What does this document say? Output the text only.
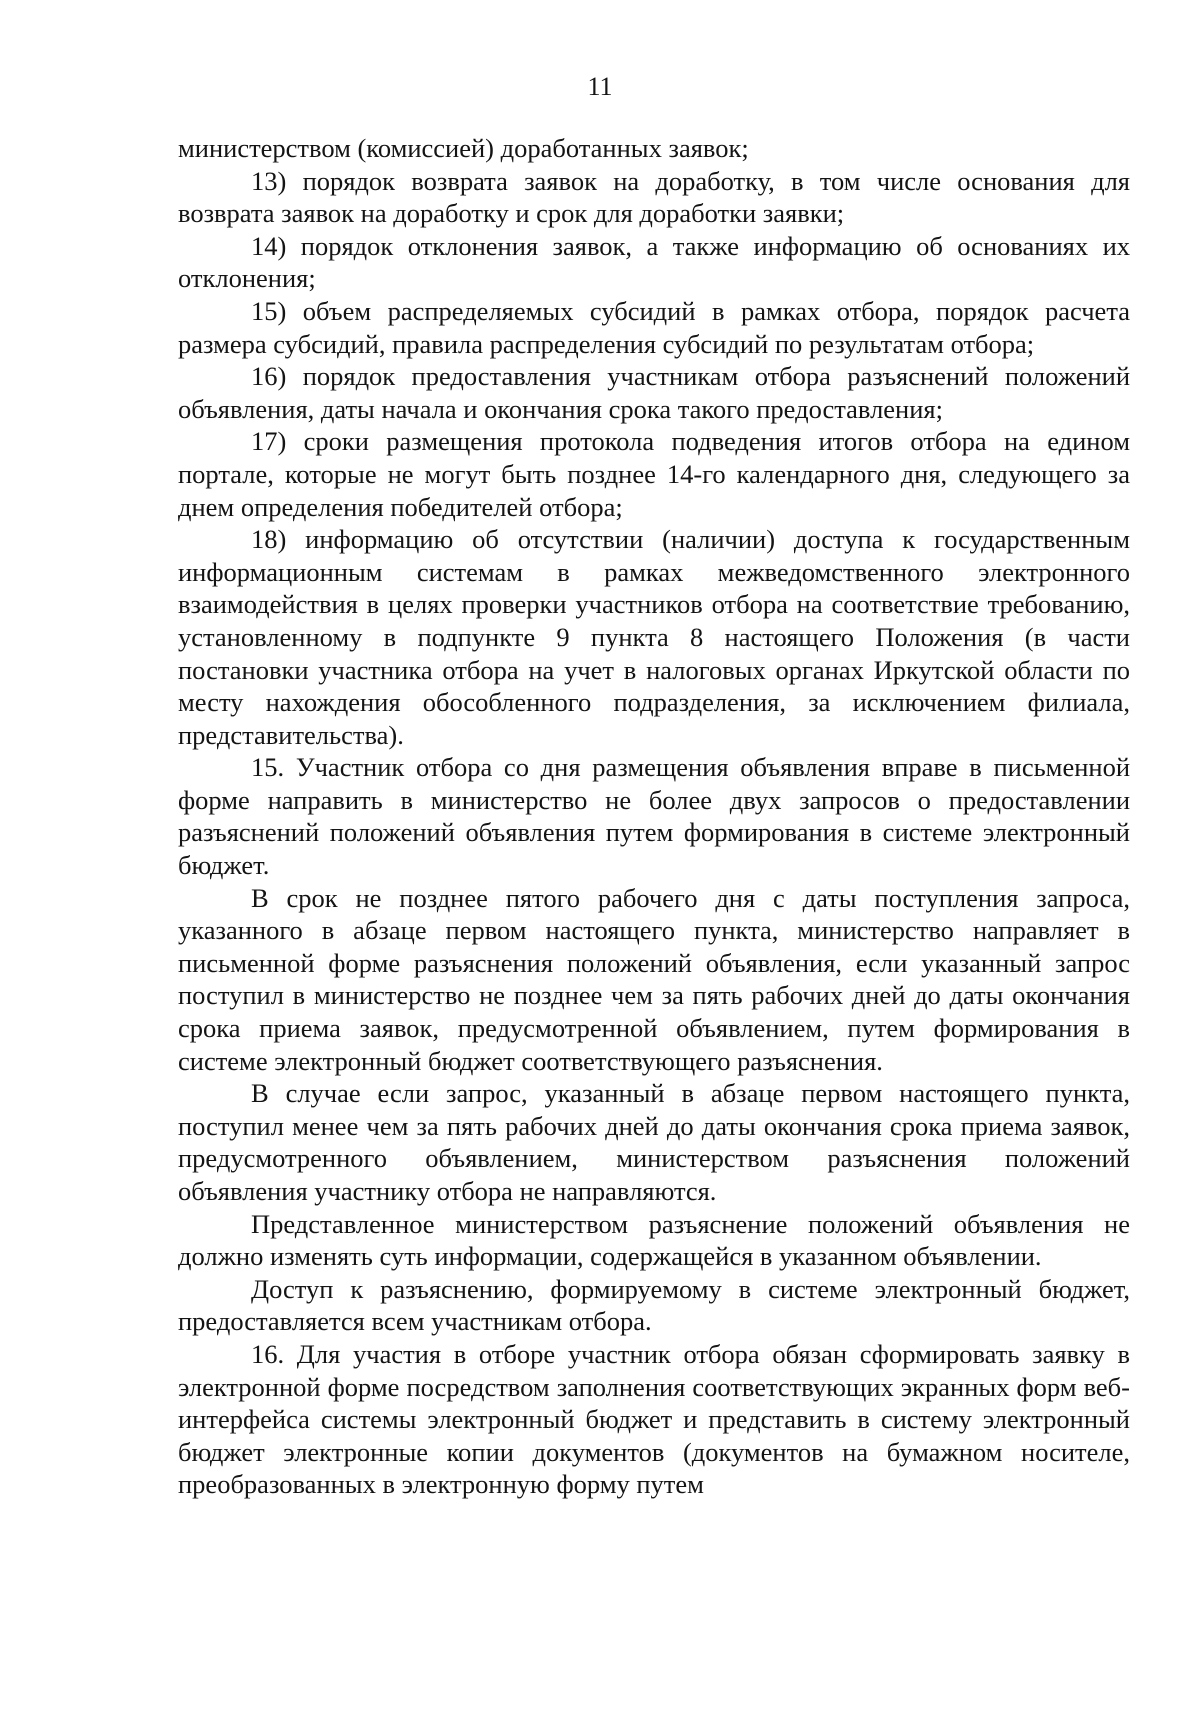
11

министерством (комиссией) доработанных заявок;

13) порядок возврата заявок на доработку, в том числе основания для возврата заявок на доработку и срок для доработки заявки;

14) порядок отклонения заявок, а также информацию об основаниях их отклонения;

15) объем распределяемых субсидий в рамках отбора, порядок расчета размера субсидий, правила распределения субсидий по результатам отбора;

16) порядок предоставления участникам отбора разъяснений положений объявления, даты начала и окончания срока такого предоставления;

17) сроки размещения протокола подведения итогов отбора на едином портале, которые не могут быть позднее 14-го календарного дня, следующего за днем определения победителей отбора;

18) информацию об отсутствии (наличии) доступа к государственным информационным системам в рамках межведомственного электронного взаимодействия в целях проверки участников отбора на соответствие требованию, установленному в подпункте 9 пункта 8 настоящего Положения (в части постановки участника отбора на учет в налоговых органах Иркутской области по месту нахождения обособленного подразделения, за исключением филиала, представительства).

15. Участник отбора со дня размещения объявления вправе в письменной форме направить в министерство не более двух запросов о предоставлении разъяснений положений объявления путем формирования в системе электронный бюджет.

В срок не позднее пятого рабочего дня с даты поступления запроса, указанного в абзаце первом настоящего пункта, министерство направляет в письменной форме разъяснения положений объявления, если указанный запрос поступил в министерство не позднее чем за пять рабочих дней до даты окончания срока приема заявок, предусмотренной объявлением, путем формирования в системе электронный бюджет соответствующего разъяснения.

В случае если запрос, указанный в абзаце первом настоящего пункта, поступил менее чем за пять рабочих дней до даты окончания срока приема заявок, предусмотренного объявлением, министерством разъяснения положений объявления участнику отбора не направляются.

Представленное министерством разъяснение положений объявления не должно изменять суть информации, содержащейся в указанном объявлении.

Доступ к разъяснению, формируемому в системе электронный бюджет, предоставляется всем участникам отбора.

16. Для участия в отборе участник отбора обязан сформировать заявку в электронной форме посредством заполнения соответствующих экранных форм веб-интерфейса системы электронный бюджет и представить в систему электронный бюджет электронные копии документов (документов на бумажном носителе, преобразованных в электронную форму путем
